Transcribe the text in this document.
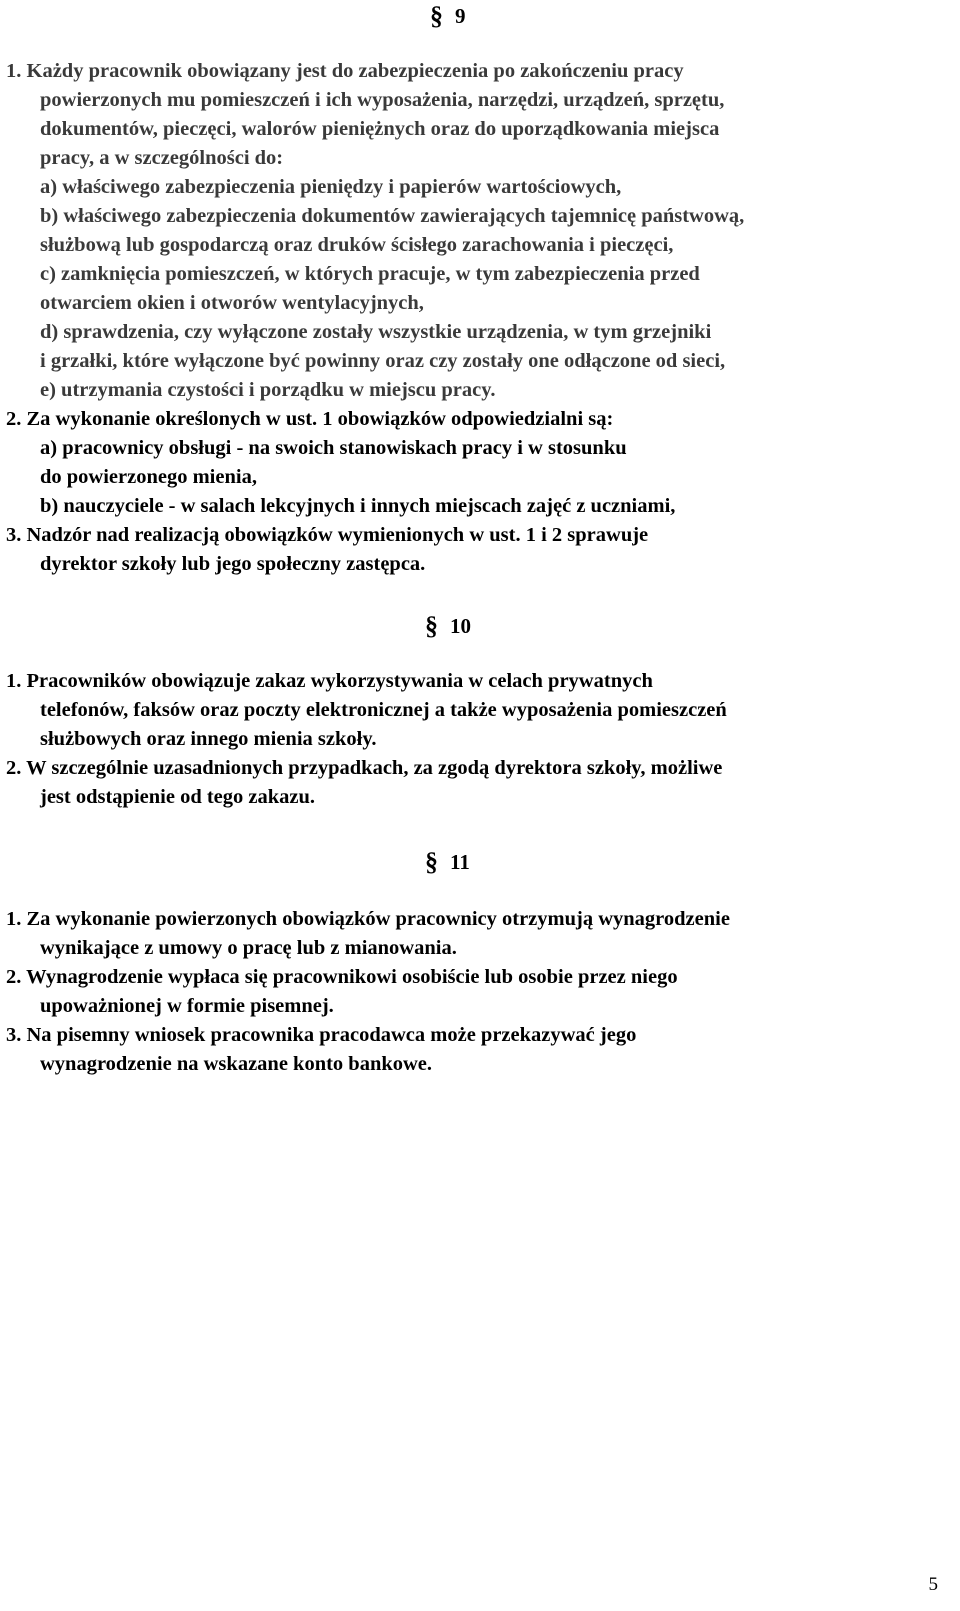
§ 9
1. Każdy pracownik obowiązany jest do zabezpieczenia po zakończeniu pracy
powierzonych mu pomieszczeń i ich wyposażenia, narzędzi, urządzeń, sprzętu,
dokumentów, pieczęci, walorów pieniężnych oraz do uporządkowania miejsca
pracy, a w szczególności do:
a) właściwego zabezpieczenia pieniędzy i papierów wartościowych,
b) właściwego zabezpieczenia dokumentów zawierających tajemnicę państwową,
służbową lub gospodarczą oraz druków ścisłego zarachowania i pieczęci,
c) zamknięcia pomieszczeń, w których pracuje, w tym zabezpieczenia przed
otwarciem okien i otworów wentylacyjnych,
d) sprawdzenia, czy wyłączone zostały wszystkie urządzenia, w tym grzejniki
i grzałki, które wyłączone być powinny oraz czy zostały one odłączone od sieci,
e) utrzymania czystości i porządku w miejscu pracy.
2. Za wykonanie określonych w ust. 1 obowiązków odpowiedzialni są:
a) pracownicy obsługi - na swoich stanowiskach pracy i w stosunku
do powierzonego mienia,
b) nauczyciele - w salach lekcyjnych i innych miejscach zajęć z uczniami,
3. Nadzór nad realizacją obowiązków wymienionych w ust. 1 i 2 sprawuje
dyrektor szkoły lub jego społeczny zastępca.
§ 10
1. Pracowników obowiązuje zakaz wykorzystywania w celach prywatnych
telefonów, faksów oraz poczty elektronicznej a także wyposażenia pomieszczeń
służbowych oraz innego mienia szkoły.
2. W szczególnie uzasadnionych przypadkach, za zgodą dyrektora szkoły, możliwe
jest odstąpienie od tego zakazu.
§ 11
1. Za wykonanie powierzonych obowiązków pracownicy otrzymują wynagrodzenie
wynikające z umowy o pracę lub z mianowania.
2. Wynagrodzenie wypłaca się pracownikowi osobiście lub osobie przez niego
upoważnionej w formie pisemnej.
3. Na pisemny wniosek pracownika pracodawca może przekazywać jego
wynagrodzenie na wskazane konto bankowe.
5
